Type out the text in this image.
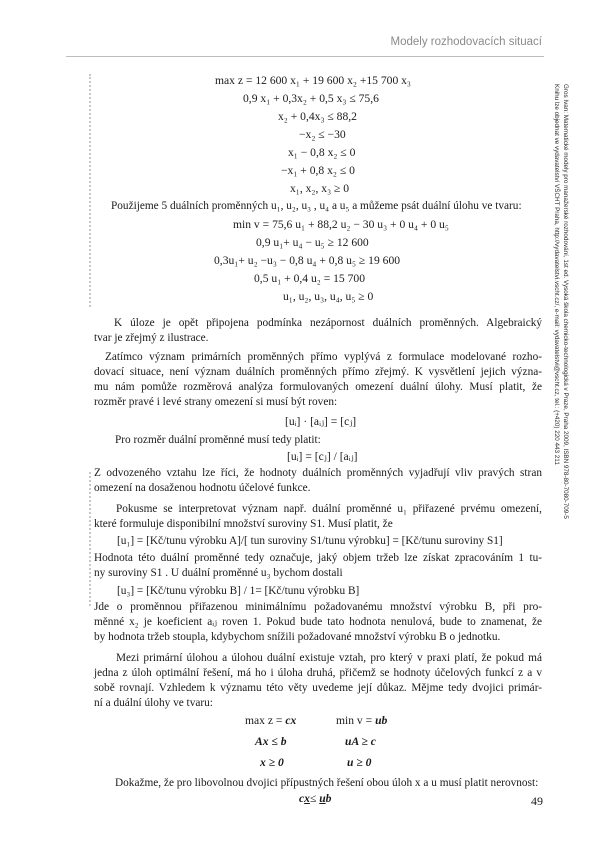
Modely rozhodovacích situací
max z = 12 600 x₁ + 19 600 x₂ +15 700 x₃
0,9 x₁ + 0,3x₂ + 0,5 x₃ ≤ 75,6
x₂ + 0,4x₃ ≤ 88,2
−x₂ ≤ −30
x₁ − 0,8 x₂ ≤ 0
−x₁ + 0,8 x₂ ≤ 0
x₁, x₂, x₃ ≥ 0
Použijeme 5 duálních proměnných u₁, u₂, u₃ , u₄ a u₅ a můžeme psát duální úlohu ve tvaru:
min v = 75,6 u₁ + 88,2 u₂ − 30 u₃ + 0 u₄ + 0 u₅
0,9 u₁+ u₄ − u₅ ≥ 12 600
0,3u₁+ u₂ −u₃ − 0,8 u₄ + 0,8 u₅ ≥ 19 600
0,5 u₁ + 0,4 u₂ = 15 700
u₁, u₂, u₃, u₄, u₅ ≥ 0
K úloze je opět připojena podmínka nezápornost duálních proměnných. Algebraický
tvar je zřejmý z ilustrace.
Zatímco význam primárních proměnných přímo vyplývá z formulace modelované rozho-
dovací situace, není význam duálních proměnných přímo zřejmý. K vysvětlení jejich význa-
mu nám pomůže rozměrová analýza formulovaných omezení duální úlohy. Musí platit, že
rozměr pravé i levé strany omezení si musí být roven:
[uᵢ] · [aᵢⱼ] = [cⱼ]
Pro rozměr duální proměnné musí tedy platit:
[uᵢ] = [cⱼ] / [aᵢⱼ]
Z odvozeného vztahu lze říci, že hodnoty duálních proměnných vyjadřují vliv pravých stran
omezení na dosaženou hodnotu účelové funkce.
Pokusme se interpretovat význam např. duální proměnné u₁ přiřazené prvému omezení,
které formuluje disponibilní množství suroviny S1. Musí platit, že
[u₁] = [Kč/tunu výrobku A]/[ tun suroviny S1/tunu výrobku] = [Kč/tunu suroviny S1]
Hodnota této duální proměnné tedy označuje, jaký objem tržeb lze získat zpracováním 1 tu-
ny suroviny S1 . U duální proměnné u₃ bychom dostali
[u₃] = [Kč/tunu výrobku B] / 1= [Kč/tunu výrobku B]
Jde o proměnnou přiřazenou minimálnímu požadovanému množství výrobku B, při pro-
měnné x₂ je koeficient aᵢⱼ roven 1. Pokud bude tato hodnota nenulová, bude to znamenat, že
by hodnota tržeb stoupla, kdybychom snížili požadované množství výrobku B o jednotku.
Mezi primární úlohou a úlohou duální existuje vztah, pro který v praxi platí, že pokud má
jedna z úloh optimální řešení, má ho i úloha druhá, přičemž se hodnoty účelových funkcí z a v
sobě rovnají. Vzhledem k významu této věty uvedeme její důkaz. Mějme tedy dvojici primár-
ní a duální úlohy ve tvaru:
max z = cx	min v = ub
Ax ≤ b	uA ≥ c
x ≥ 0	u ≥ 0
Dokažme, že pro libovolnou dvojici přípustných řešení obou úloh x a u musí platit nerovnost:
cx≤ ub	49
Gros Ivan: Matematické modely pro manažerské rozhodování, 1st ed. Vysoká škola chemicko-technologická v Praze, Praha 2009, ISBN 978-80-7080-709-5
Knihu lze objednat ve vydavatelství VŠCHT Praha, http://vydavatelstvi.vscht.cz/, e-mail: vydavatelstvi@vscht.cz, tel.: (+420) 220 443 211
